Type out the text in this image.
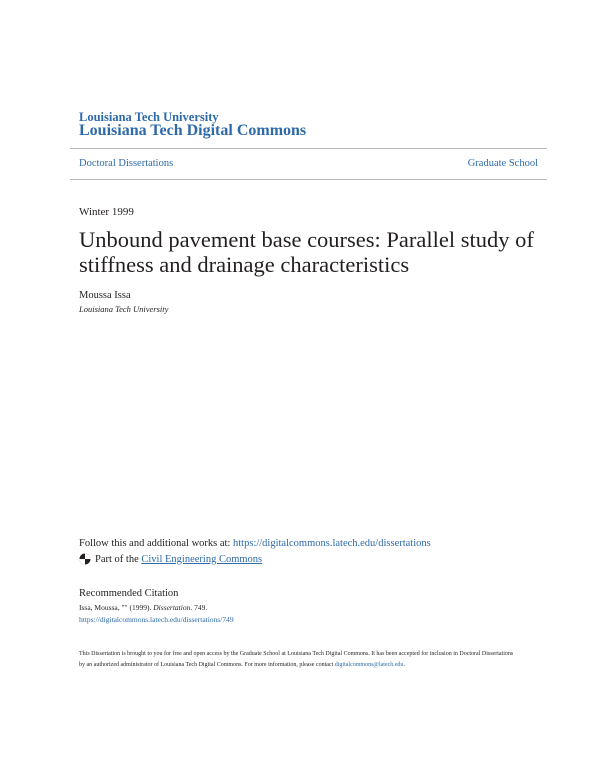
Louisiana Tech University
Louisiana Tech Digital Commons
Doctoral Dissertations	Graduate School
Winter 1999
Unbound pavement base courses: Parallel study of stiffness and drainage characteristics
Moussa Issa
Louisiana Tech University
Follow this and additional works at: https://digitalcommons.latech.edu/dissertations
Part of the
Civil Engineering Commons
Recommended Citation
Issa, Moussa, "" (1999). Dissertation. 749.
https://digitalcommons.latech.edu/dissertations/749
This Dissertation is brought to you for free and open access by the Graduate School at Louisiana Tech Digital Commons. It has been accepted for inclusion in Doctoral Dissertations by an authorized administrator of Louisiana Tech Digital Commons. For more information, please contact digitalcommons@latech.edu.
